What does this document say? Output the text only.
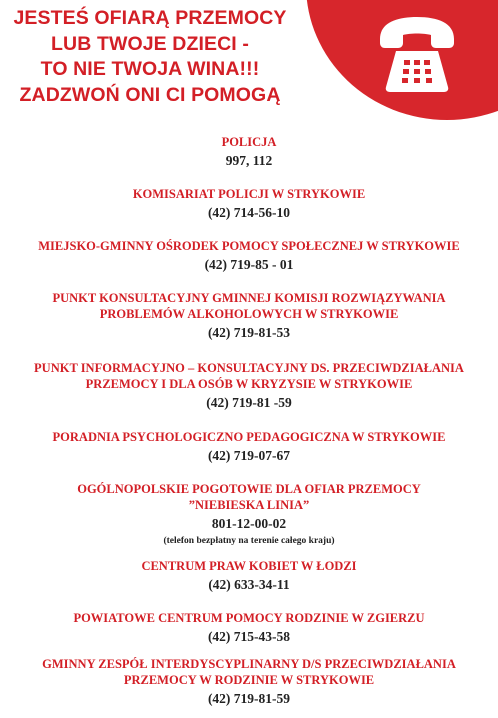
JESTEŚ OFIARĄ PRZEMOCY
LUB TWOJE DZIECI -
TO NIE TWOJA WINA!!!
ZADZWOŃ ONI CI POMOGĄ
POLICJA
997, 112
KOMISARIAT POLICJI W STRYKOWIE
(42) 714-56-10
MIEJSKO-GMINNY OŚRODEK POMOCY SPOŁECZNEJ W STRYKOWIE
(42) 719-85 - 01
PUNKT KONSULTACYJNY GMINNEJ KOMISJI ROZWIĄZYWANIA
PROBLEMÓW ALKOHOLOWYCH W STRYKOWIE
(42) 719-81-53
PUNKT INFORMACYJNO – KONSULTACYJNY DS. PRZECIWDZIAŁANIA
PRZEMOCY I DLA OSÓB W KRYZYSIE W STRYKOWIE
(42) 719-81 -59
PORADNIA PSYCHOLOGICZNO PEDAGOGICZNA W STRYKOWIE
(42) 719-07-67
OGÓLNOPOLSKIE POGOTOWIE DLA OFIAR PRZEMOCY
”NIEBIESKA LINIA”
801-12-00-02
(telefon bezpłatny na terenie całego kraju)
CENTRUM PRAW KOBIET W ŁODZI
(42) 633-34-11
POWIATOWE CENTRUM POMOCY RODZINIE W ZGIERZU
(42) 715-43-58
GMINNY ZESPÓŁ INTERDYSCYPLINARNY D/S PRZECIWDZIAŁANIA
PRZEMOCY W RODZINIE W STRYKOWIE
(42) 719-81-59
